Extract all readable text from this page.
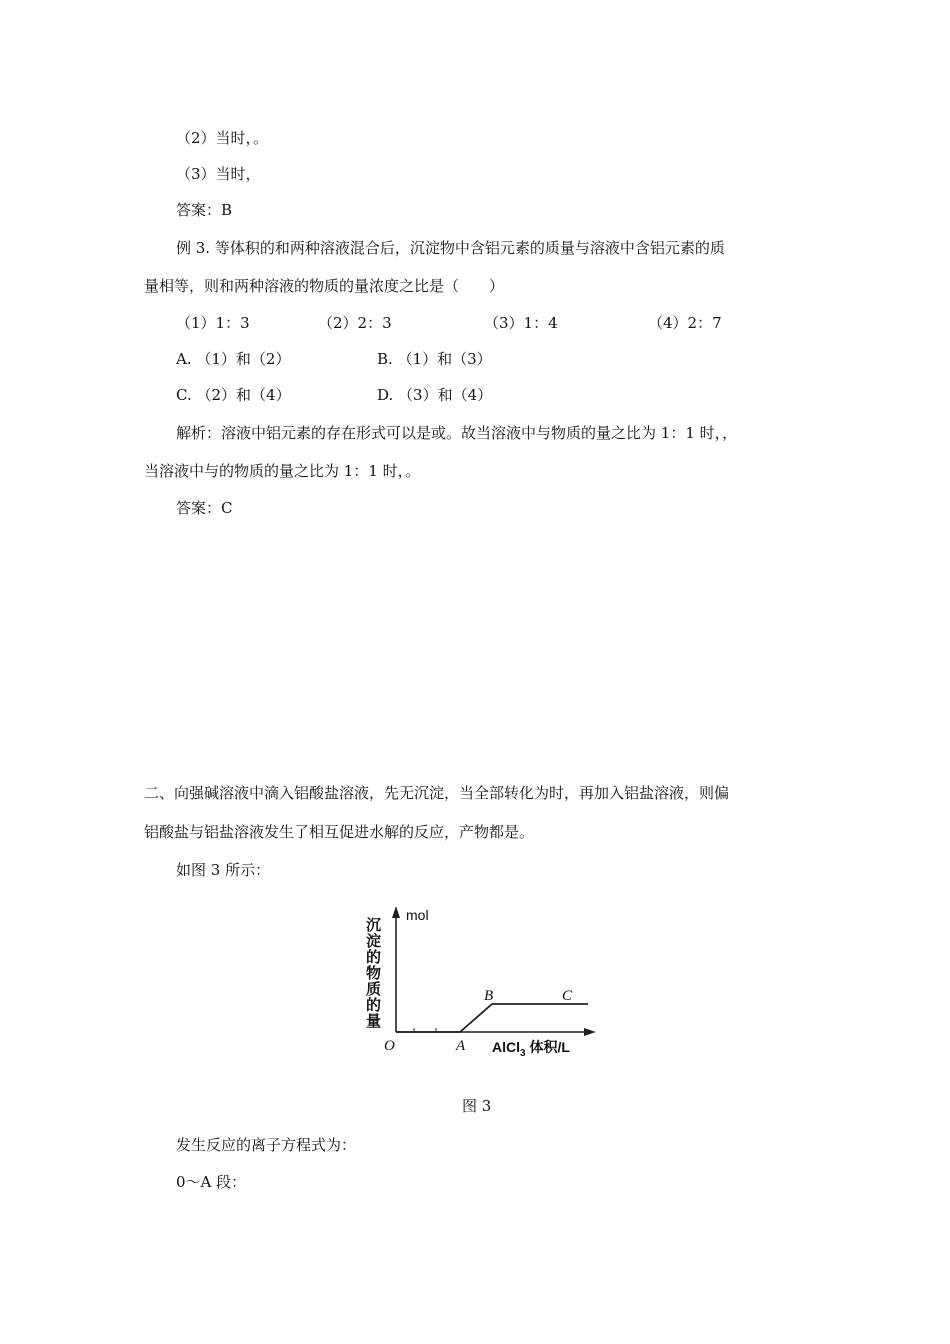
（2）当时，。
（3）当时，
答案：B
例 3. 等体积的和两种溶液混合后，沉淀物中含铝元素的质量与溶液中含铝元素的质
量相等，则和两种溶液的物质的量浓度之比是（　　）
（1）1：3	（2）2：3	（3）1：4	（4）2：7
A. （1）和（2）	B. （1）和（3）
C. （2）和（4）	D. （3）和（4）
解析：溶液中铝元素的存在形式可以是或。故当溶液中与物质的量之比为 1：1 时，，
当溶液中与的物质的量之比为 1：1 时，。
答案：C
二、向强碱溶液中滴入铝酸盐溶液，先无沉淀，当全部转化为时，再加入铝盐溶液，则偏
铝酸盐与铝盐溶液发生了相互促进水解的反应，产物都是。
如图 3 所示：
mol
沉淀的物质的量
O	A
B	C
AlCl$_3$ 体积/L
图 3
发生反应的离子方程式为：
0～A 段：
